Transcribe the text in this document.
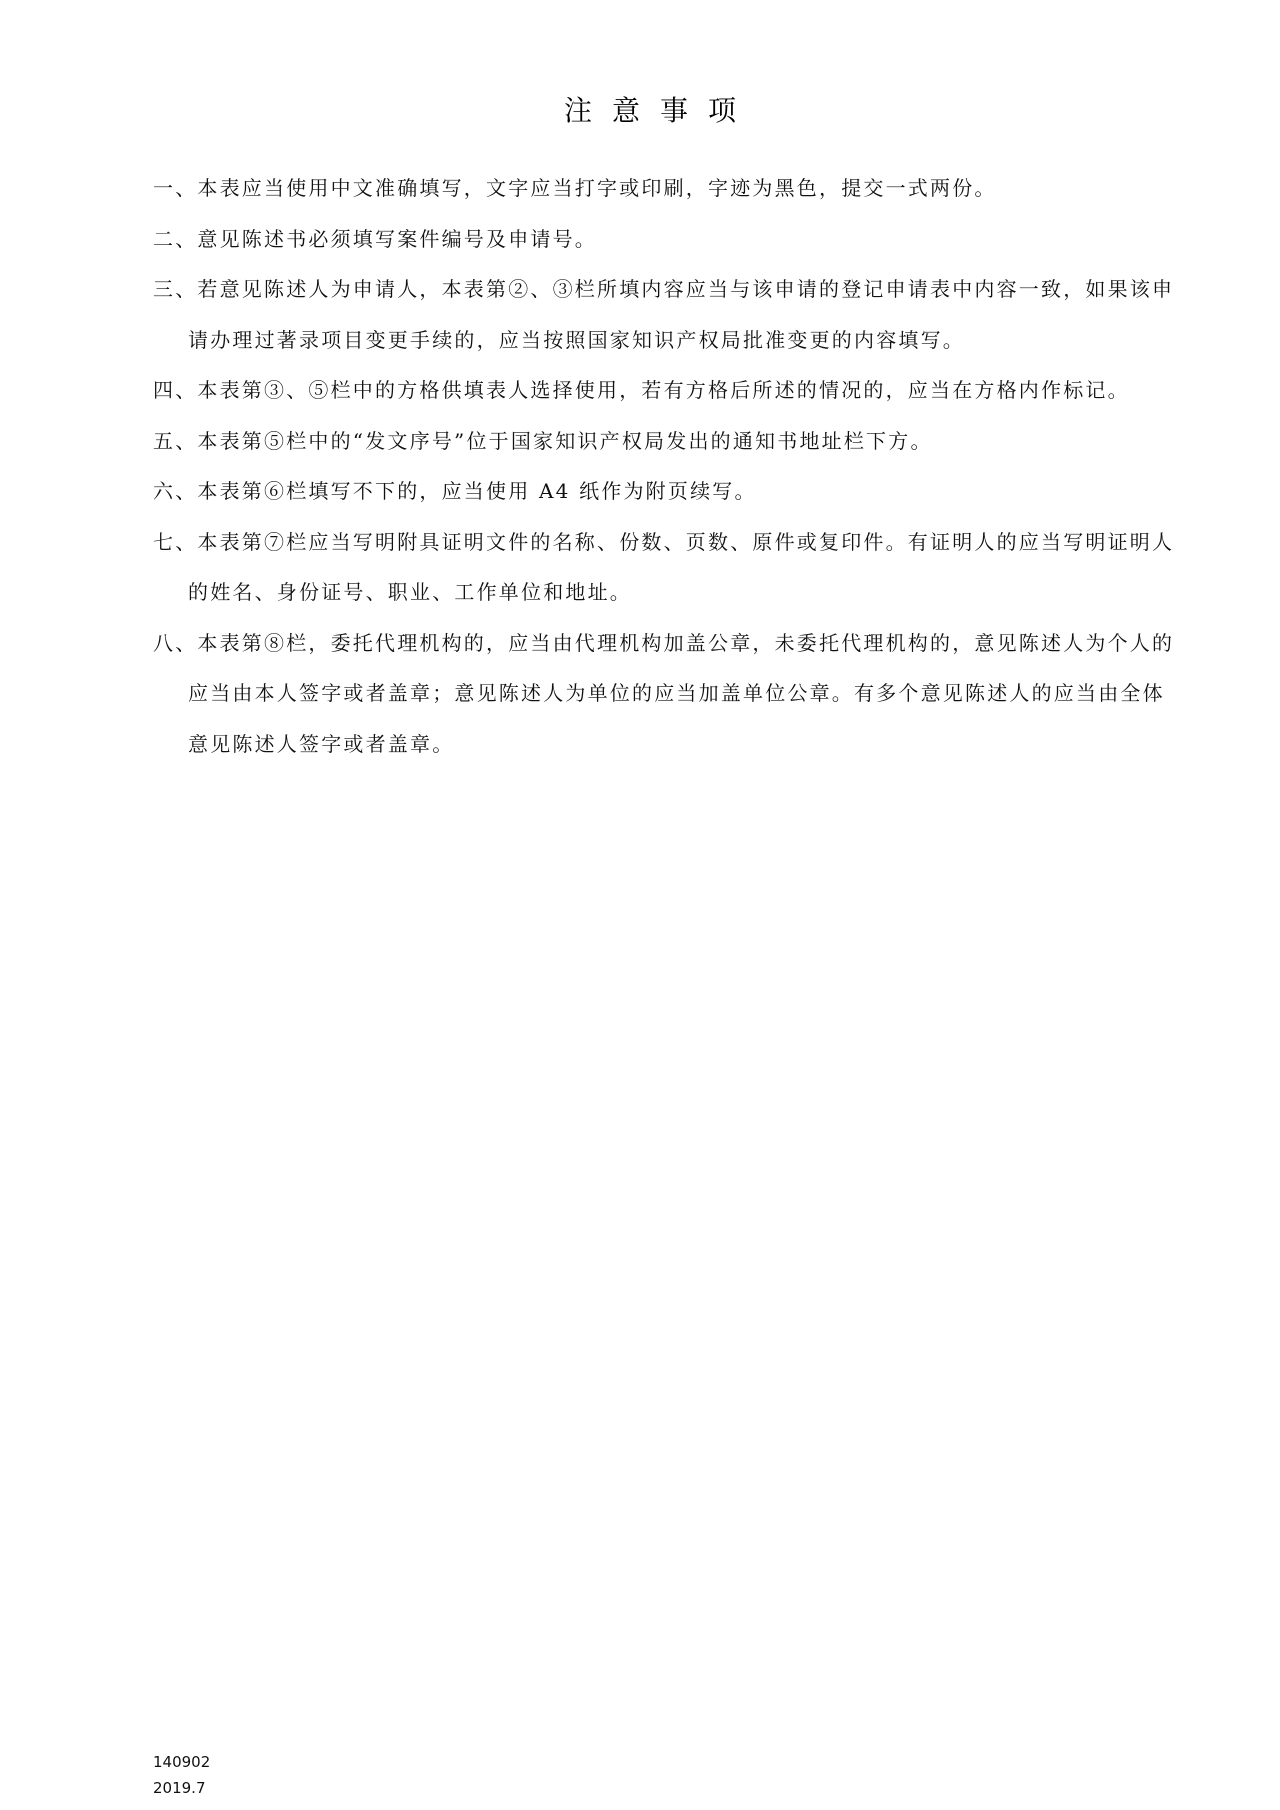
注意事项
一、本表应当使用中文准确填写，文字应当打字或印刷，字迹为黑色，提交一式两份。
二、意见陈述书必须填写案件编号及申请号。
三、若意见陈述人为申请人，本表第②、③栏所填内容应当与该申请的登记申请表中内容一致，如果该申
请办理过著录项目变更手续的，应当按照国家知识产权局批准变更的内容填写。
四、本表第③、⑤栏中的方格供填表人选择使用，若有方格后所述的情况的，应当在方格内作标记。
五、本表第⑤栏中的“发文序号”位于国家知识产权局发出的通知书地址栏下方。
六、本表第⑥栏填写不下的，应当使用 A4 纸作为附页续写。
七、本表第⑦栏应当写明附具证明文件的名称、份数、页数、原件或复印件。有证明人的应当写明证明人
的姓名、身份证号、职业、工作单位和地址。
八、本表第⑧栏，委托代理机构的，应当由代理机构加盖公章，未委托代理机构的，意见陈述人为个人的
应当由本人签字或者盖章；意见陈述人为单位的应当加盖单位公章。有多个意见陈述人的应当由全体
意见陈述人签字或者盖章。
140902
2019.7
